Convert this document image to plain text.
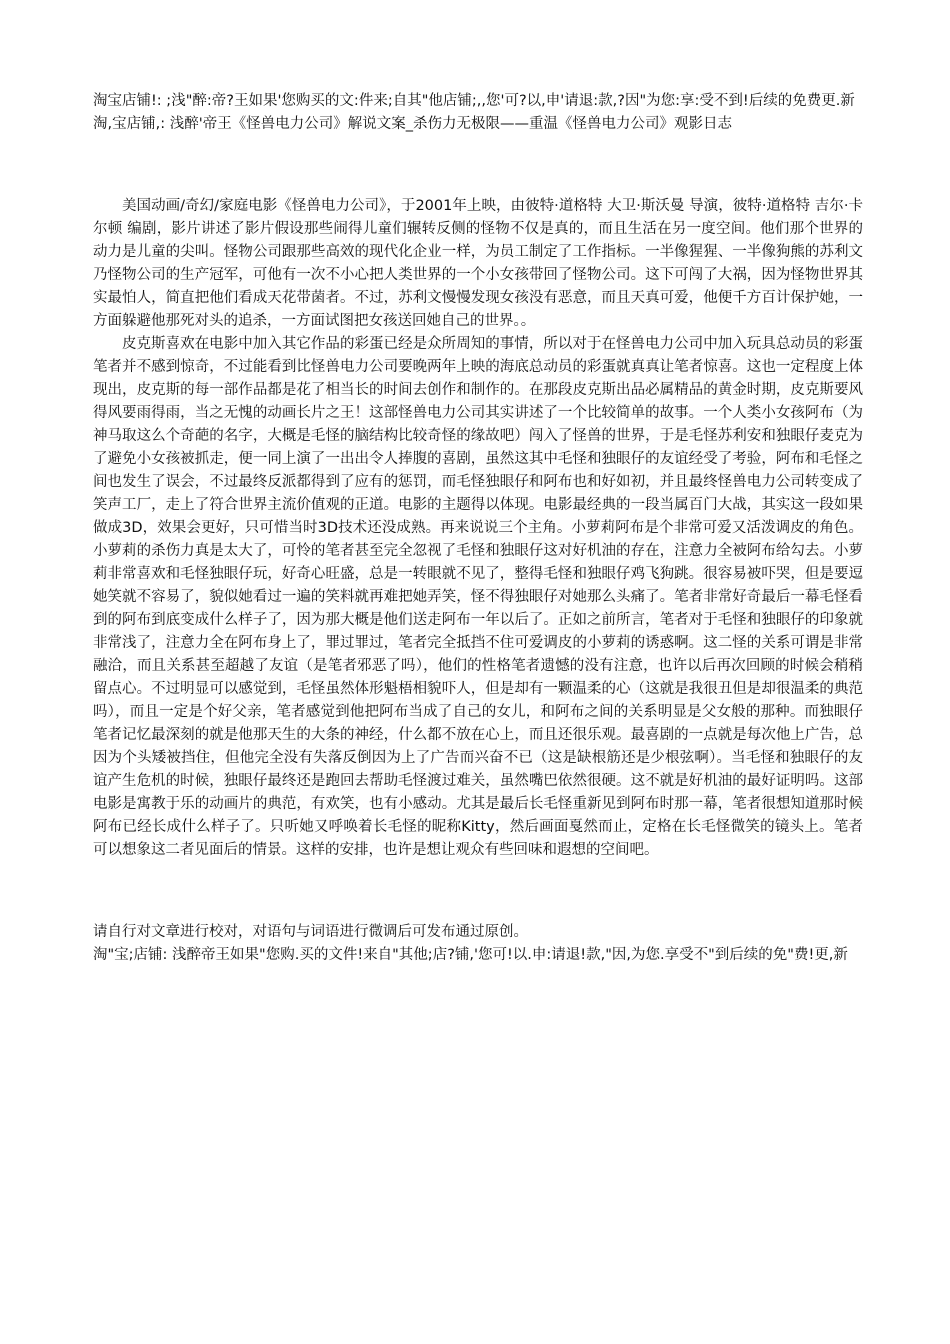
淘宝店铺!: ;浅"醉:帝?王如果'您购买的文:件来;自其"他店铺;,,您'可?以,申'请退:款,?因"为您:享:受不到!后续的免费更.新淘,宝店铺,: 浅醉'帝王《怪兽电力公司》解说文案_杀伤力无极限——重温《怪兽电力公司》观影日志

美国动画/奇幻/家庭电影《怪兽电力公司》，于2001年上映，由彼特·道格特 大卫·斯沃曼 导演，彼特·道格特 吉尔·卡尔顿 编剧，影片讲述了影片假设那些闹得儿童们辗转反侧的怪物不仅是真的，而且生活在另一度空间。他们那个世界的动力是儿童的尖叫。怪物公司跟那些高效的现代化企业一样，为员工制定了工作指标。一半像猩猩、一半像狗熊的苏利文乃怪物公司的生产冠军，可他有一次不小心把人类世界的一个小女孩带回了怪物公司。这下可闯了大祸，因为怪物世界其实最怕人，简直把他们看成天花带菌者。不过，苏利文慢慢发现女孩没有恶意，而且天真可爱，他便千方百计保护她，一方面躲避他那死对头的追杀，一方面试图把女孩送回她自己的世界。。

皮克斯喜欢在电影中加入其它作品的彩蛋已经是众所周知的事情，所以对于在怪兽电力公司中加入玩具总动员的彩蛋笔者并不感到惊奇，不过能看到比怪兽电力公司要晚两年上映的海底总动员的彩蛋就真真让笔者惊喜。这也一定程度上体现出，皮克斯的每一部作品都是花了相当长的时间去创作和制作的。在那段皮克斯出品必属精品的黄金时期，皮克斯要风得风要雨得雨，当之无愧的动画长片之王！这部怪兽电力公司其实讲述了一个比较简单的故事。一个人类小女孩阿布（为神马取这么个奇葩的名字，大概是毛怪的脑结构比较奇怪的缘故吧）闯入了怪兽的世界，于是毛怪苏利安和独眼仔麦克为了避免小女孩被抓走，便一同上演了一出出令人捧腹的喜剧，虽然这其中毛怪和独眼仔的友谊经受了考验，阿布和毛怪之间也发生了误会，不过最终反派都得到了应有的惩罚，而毛怪独眼仔和阿布也和好如初，并且最终怪兽电力公司转变成了笑声工厂，走上了符合世界主流价值观的正道。电影的主题得以体现。电影最经典的一段当属百门大战，其实这一段如果做成3D，效果会更好，只可惜当时3D技术还没成熟。再来说说三个主角。小萝莉阿布是个非常可爱又活泼调皮的角色。小萝莉的杀伤力真是太大了，可怜的笔者甚至完全忽视了毛怪和独眼仔这对好机油的存在，注意力全被阿布给勾去。小萝莉非常喜欢和毛怪独眼仔玩，好奇心旺盛，总是一转眼就不见了，整得毛怪和独眼仔鸡飞狗跳。很容易被吓哭，但是要逗她笑就不容易了，貌似她看过一遍的笑料就再难把她弄笑，怪不得独眼仔对她那么头痛了。笔者非常好奇最后一幕毛怪看到的阿布到底变成什么样子了，因为那大概是他们送走阿布一年以后了。正如之前所言，笔者对于毛怪和独眼仔的印象就非常浅了，注意力全在阿布身上了，罪过罪过，笔者完全抵挡不住可爱调皮的小萝莉的诱惑啊。这二怪的关系可谓是非常融洽，而且关系甚至超越了友谊（是笔者邪恶了吗），他们的性格笔者遗憾的没有注意，也许以后再次回顾的时候会稍稍留点心。不过明显可以感觉到，毛怪虽然体形魁梧相貌吓人，但是却有一颗温柔的心（这就是我很丑但是却很温柔的典范吗），而且一定是个好父亲，笔者感觉到他把阿布当成了自己的女儿，和阿布之间的关系明显是父女般的那种。而独眼仔笔者记忆最深刻的就是他那天生的大条的神经，什么都不放在心上，而且还很乐观。最喜剧的一点就是每次他上广告，总因为个头矮被挡住，但他完全没有失落反倒因为上了广告而兴奋不已（这是缺根筋还是少根弦啊）。当毛怪和独眼仔的友谊产生危机的时候，独眼仔最终还是跑回去帮助毛怪渡过难关，虽然嘴巴依然很硬。这不就是好机油的最好证明吗。这部电影是寓教于乐的动画片的典范，有欢笑，也有小感动。尤其是最后长毛怪重新见到阿布时那一幕，笔者很想知道那时候阿布已经长成什么样子了。只听她又呼唤着长毛怪的昵称Kitty，然后画面戛然而止，定格在长毛怪微笑的镜头上。笔者可以想象这二者见面后的情景。这样的安排，也许是想让观众有些回味和遐想的空间吧。

请自行对文章进行校对，对语句与词语进行微调后可发布通过原创。

淘"宝;店铺: 浅醉帝王如果"您购.买的文件!来自"其他;店?铺,'您可!以.申:请退!款,"因,为您.享受不"到后续的免"费!更,新
